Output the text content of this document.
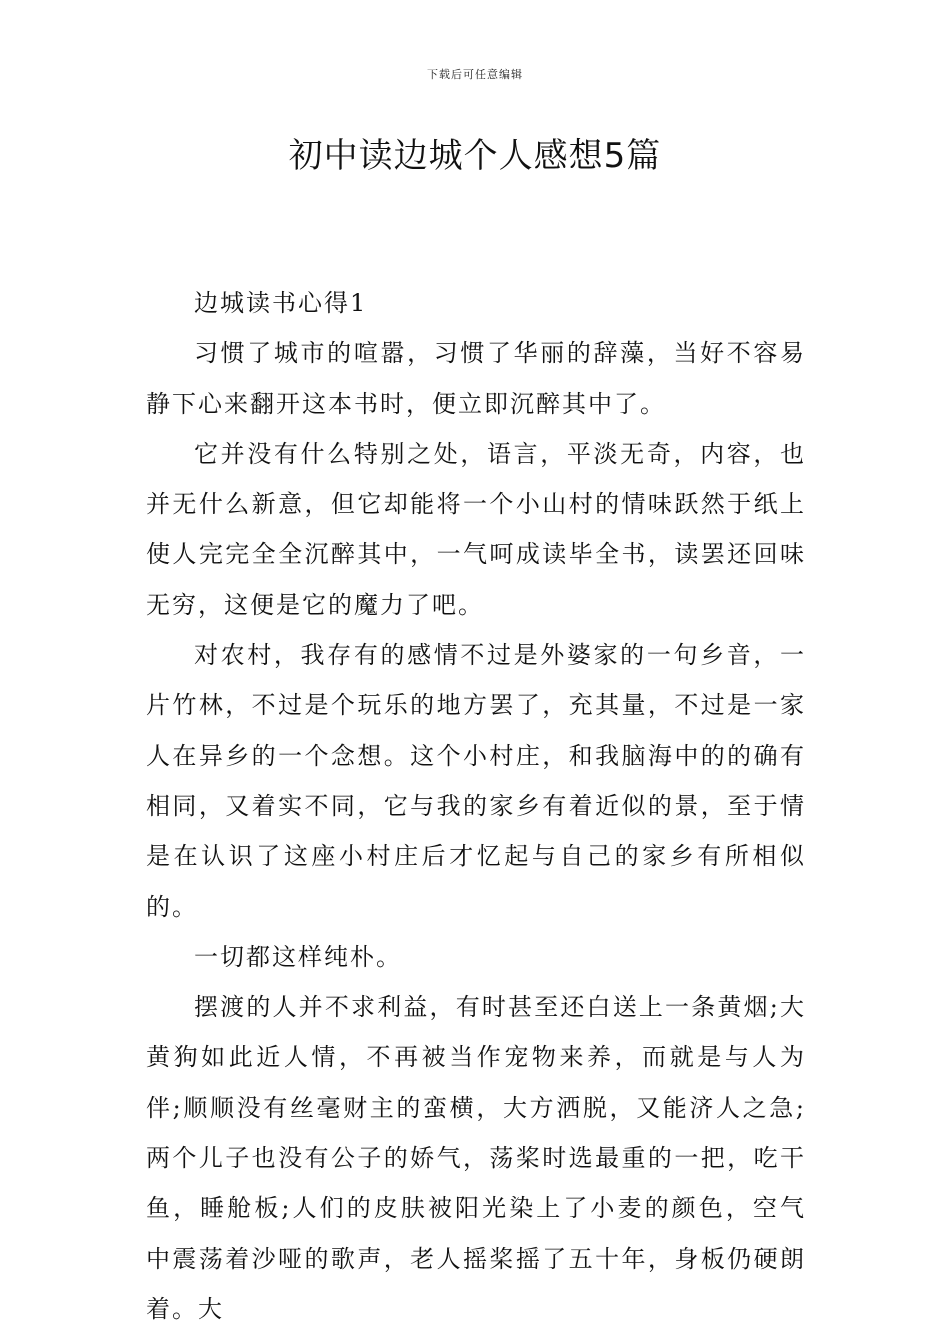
下载后可任意编辑
初中读边城个人感想5篇

边城读书心得1

习惯了城市的喧嚣，习惯了华丽的辞藻，当好不容易静下心来翻开这本书时，便立即沉醉其中了。

它并没有什么特别之处，语言，平淡无奇，内容，也并无什么新意，但它却能将一个小山村的情味跃然于纸上使人完完全全沉醉其中，一气呵成读毕全书，读罢还回味无穷，这便是它的魔力了吧。

对农村，我存有的感情不过是外婆家的一句乡音，一片竹林，不过是个玩乐的地方罢了，充其量，不过是一家人在异乡的一个念想。这个小村庄，和我脑海中的的确有相同，又着实不同，它与我的家乡有着近似的景，至于情是在认识了这座小村庄后才忆起与自己的家乡有所相似的。

一切都这样纯朴。

摆渡的人并不求利益，有时甚至还白送上一条黄烟;大黄狗如此近人情，不再被当作宠物来养，而就是与人为伴;顺顺没有丝毫财主的蛮横，大方洒脱，又能济人之急;两个儿子也没有公子的娇气，荡桨时选最重的一把，吃干鱼，睡舱板;人们的皮肤被阳光染上了小麦的颜色，空气中震荡着沙哑的歌声，老人摇桨摇了五十年，身板仍硬朗着。大
